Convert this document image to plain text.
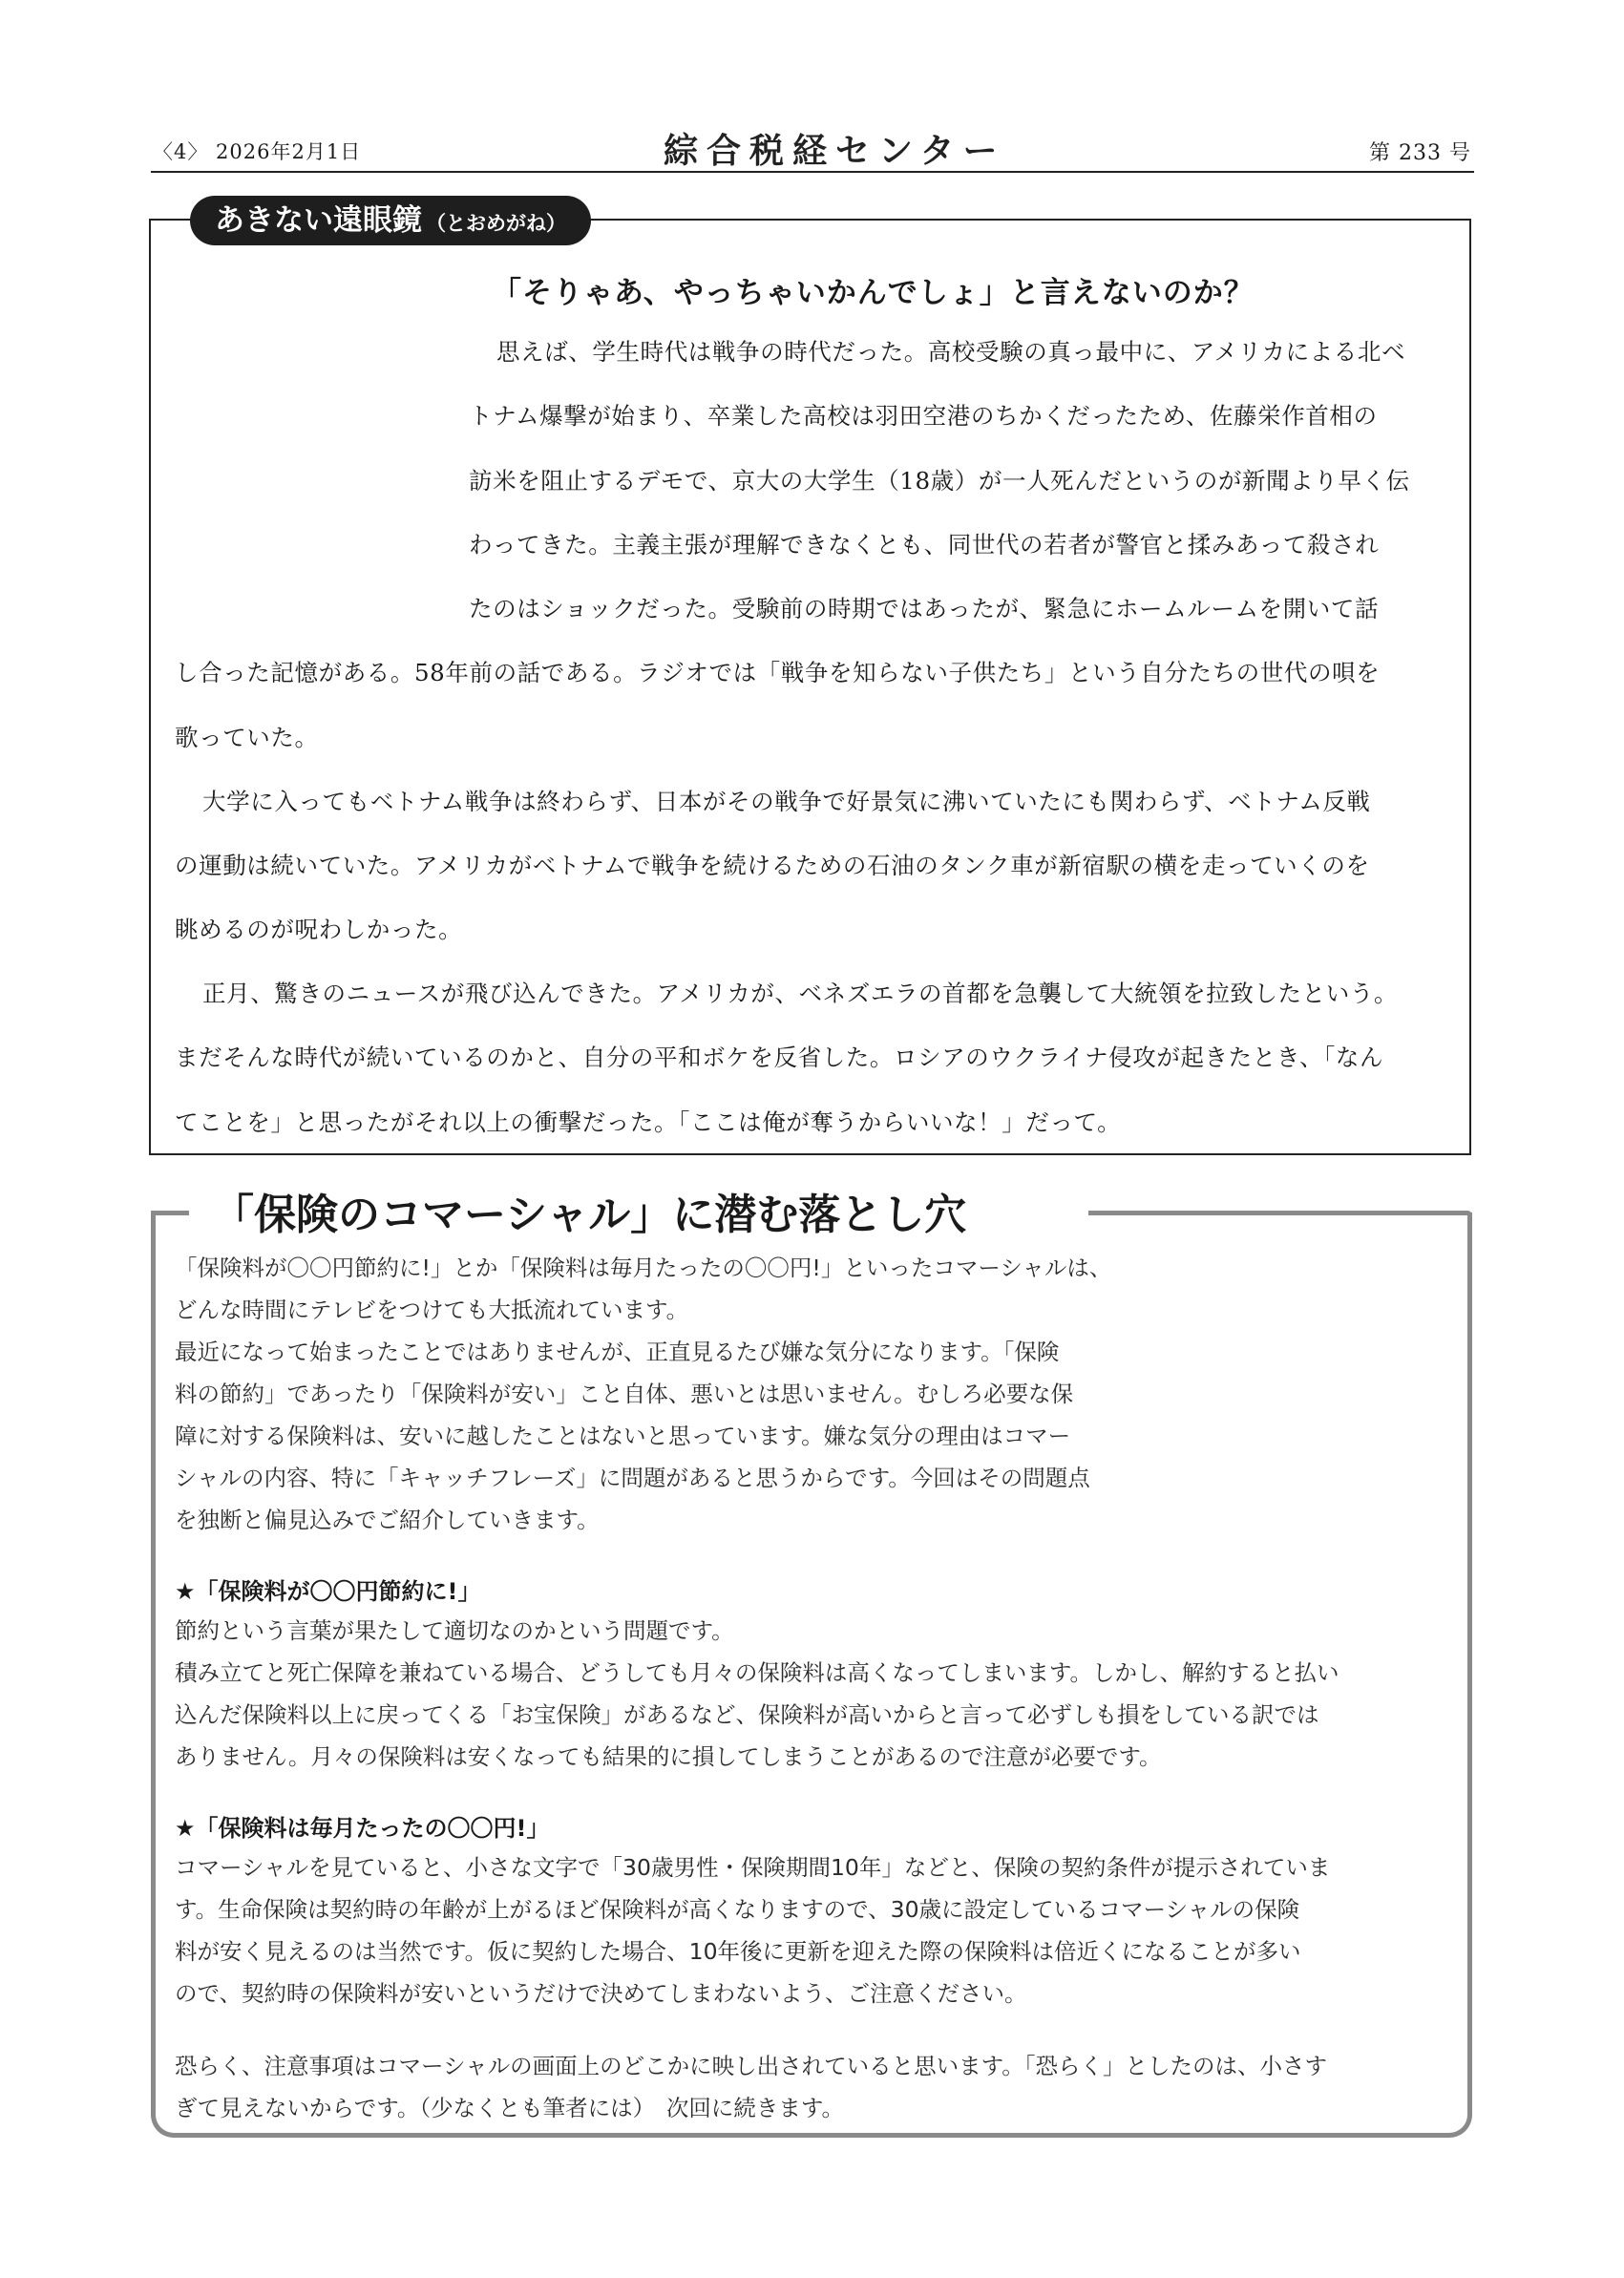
〈4〉 2026年2月1日	綜合税経センター	第 233 号
あきない遠眼鏡 （とおめがね）
「そりゃあ、やっちゃいかんでしょ」と言えないのか？
思えば、学生時代は戦争の時代だった。高校受験の真っ最中に、アメリカによる北ベ
トナム爆撃が始まり、卒業した高校は羽田空港のちかくだったため、佐藤栄作首相の
訪米を阻止するデモで、京大の大学生（18歳）が一人死んだというのが新聞より早く伝
わってきた。主義主張が理解できなくとも、同世代の若者が警官と揉みあって殺され
たのはショックだった。受験前の時期ではあったが、緊急にホームルームを開いて話
し合った記憶がある。58年前の話である。ラジオでは「戦争を知らない子供たち」という自分たちの世代の唄を
歌っていた。
大学に入ってもベトナム戦争は終わらず、日本がその戦争で好景気に沸いていたにも関わらず、ベトナム反戦
の運動は続いていた。アメリカがベトナムで戦争を続けるための石油のタンク車が新宿駅の横を走っていくのを
眺めるのが呪わしかった。
正月、驚きのニュースが飛び込んできた。アメリカが、ベネズエラの首都を急襲して大統領を拉致したという。
まだそんな時代が続いているのかと、自分の平和ボケを反省した。ロシアのウクライナ侵攻が起きたとき、「なん
てことを」と思ったがそれ以上の衝撃だった。「ここは俺が奪うからいいな！」だって。
「保険のコマーシャル」に潜む落とし穴
「保険料が〇〇円節約に!」とか「保険料は毎月たったの〇〇円!」といったコマーシャルは、
どんな時間にテレビをつけても大抵流れています。
最近になって始まったことではありませんが、正直見るたび嫌な気分になります。「保険
料の節約」であったり「保険料が安い」こと自体、悪いとは思いません。むしろ必要な保
障に対する保険料は、安いに越したことはないと思っています。嫌な気分の理由はコマー
シャルの内容、特に「キャッチフレーズ」に問題があると思うからです。今回はその問題点
を独断と偏見込みでご紹介していきます。
★「保険料が〇〇円節約に!」
節約という言葉が果たして適切なのかという問題です。
積み立てと死亡保障を兼ねている場合、どうしても月々の保険料は高くなってしまいます。しかし、解約すると払い
込んだ保険料以上に戻ってくる「お宝保険」があるなど、保険料が高いからと言って必ずしも損をしている訳では
ありません。月々の保険料は安くなっても結果的に損してしまうことがあるので注意が必要です。
★「保険料は毎月たったの〇〇円!」
コマーシャルを見ていると、小さな文字で「30歳男性・保険期間10年」などと、保険の契約条件が提示されていま
す。生命保険は契約時の年齢が上がるほど保険料が高くなりますので、30歳に設定しているコマーシャルの保険
料が安く見えるのは当然です。仮に契約した場合、10年後に更新を迎えた際の保険料は倍近くになることが多い
ので、契約時の保険料が安いというだけで決めてしまわないよう、ご注意ください。
恐らく、注意事項はコマーシャルの画面上のどこかに映し出されていると思います。「恐らく」としたのは、小さす
ぎて見えないからです。（少なくとも筆者には）　次回に続きます。
